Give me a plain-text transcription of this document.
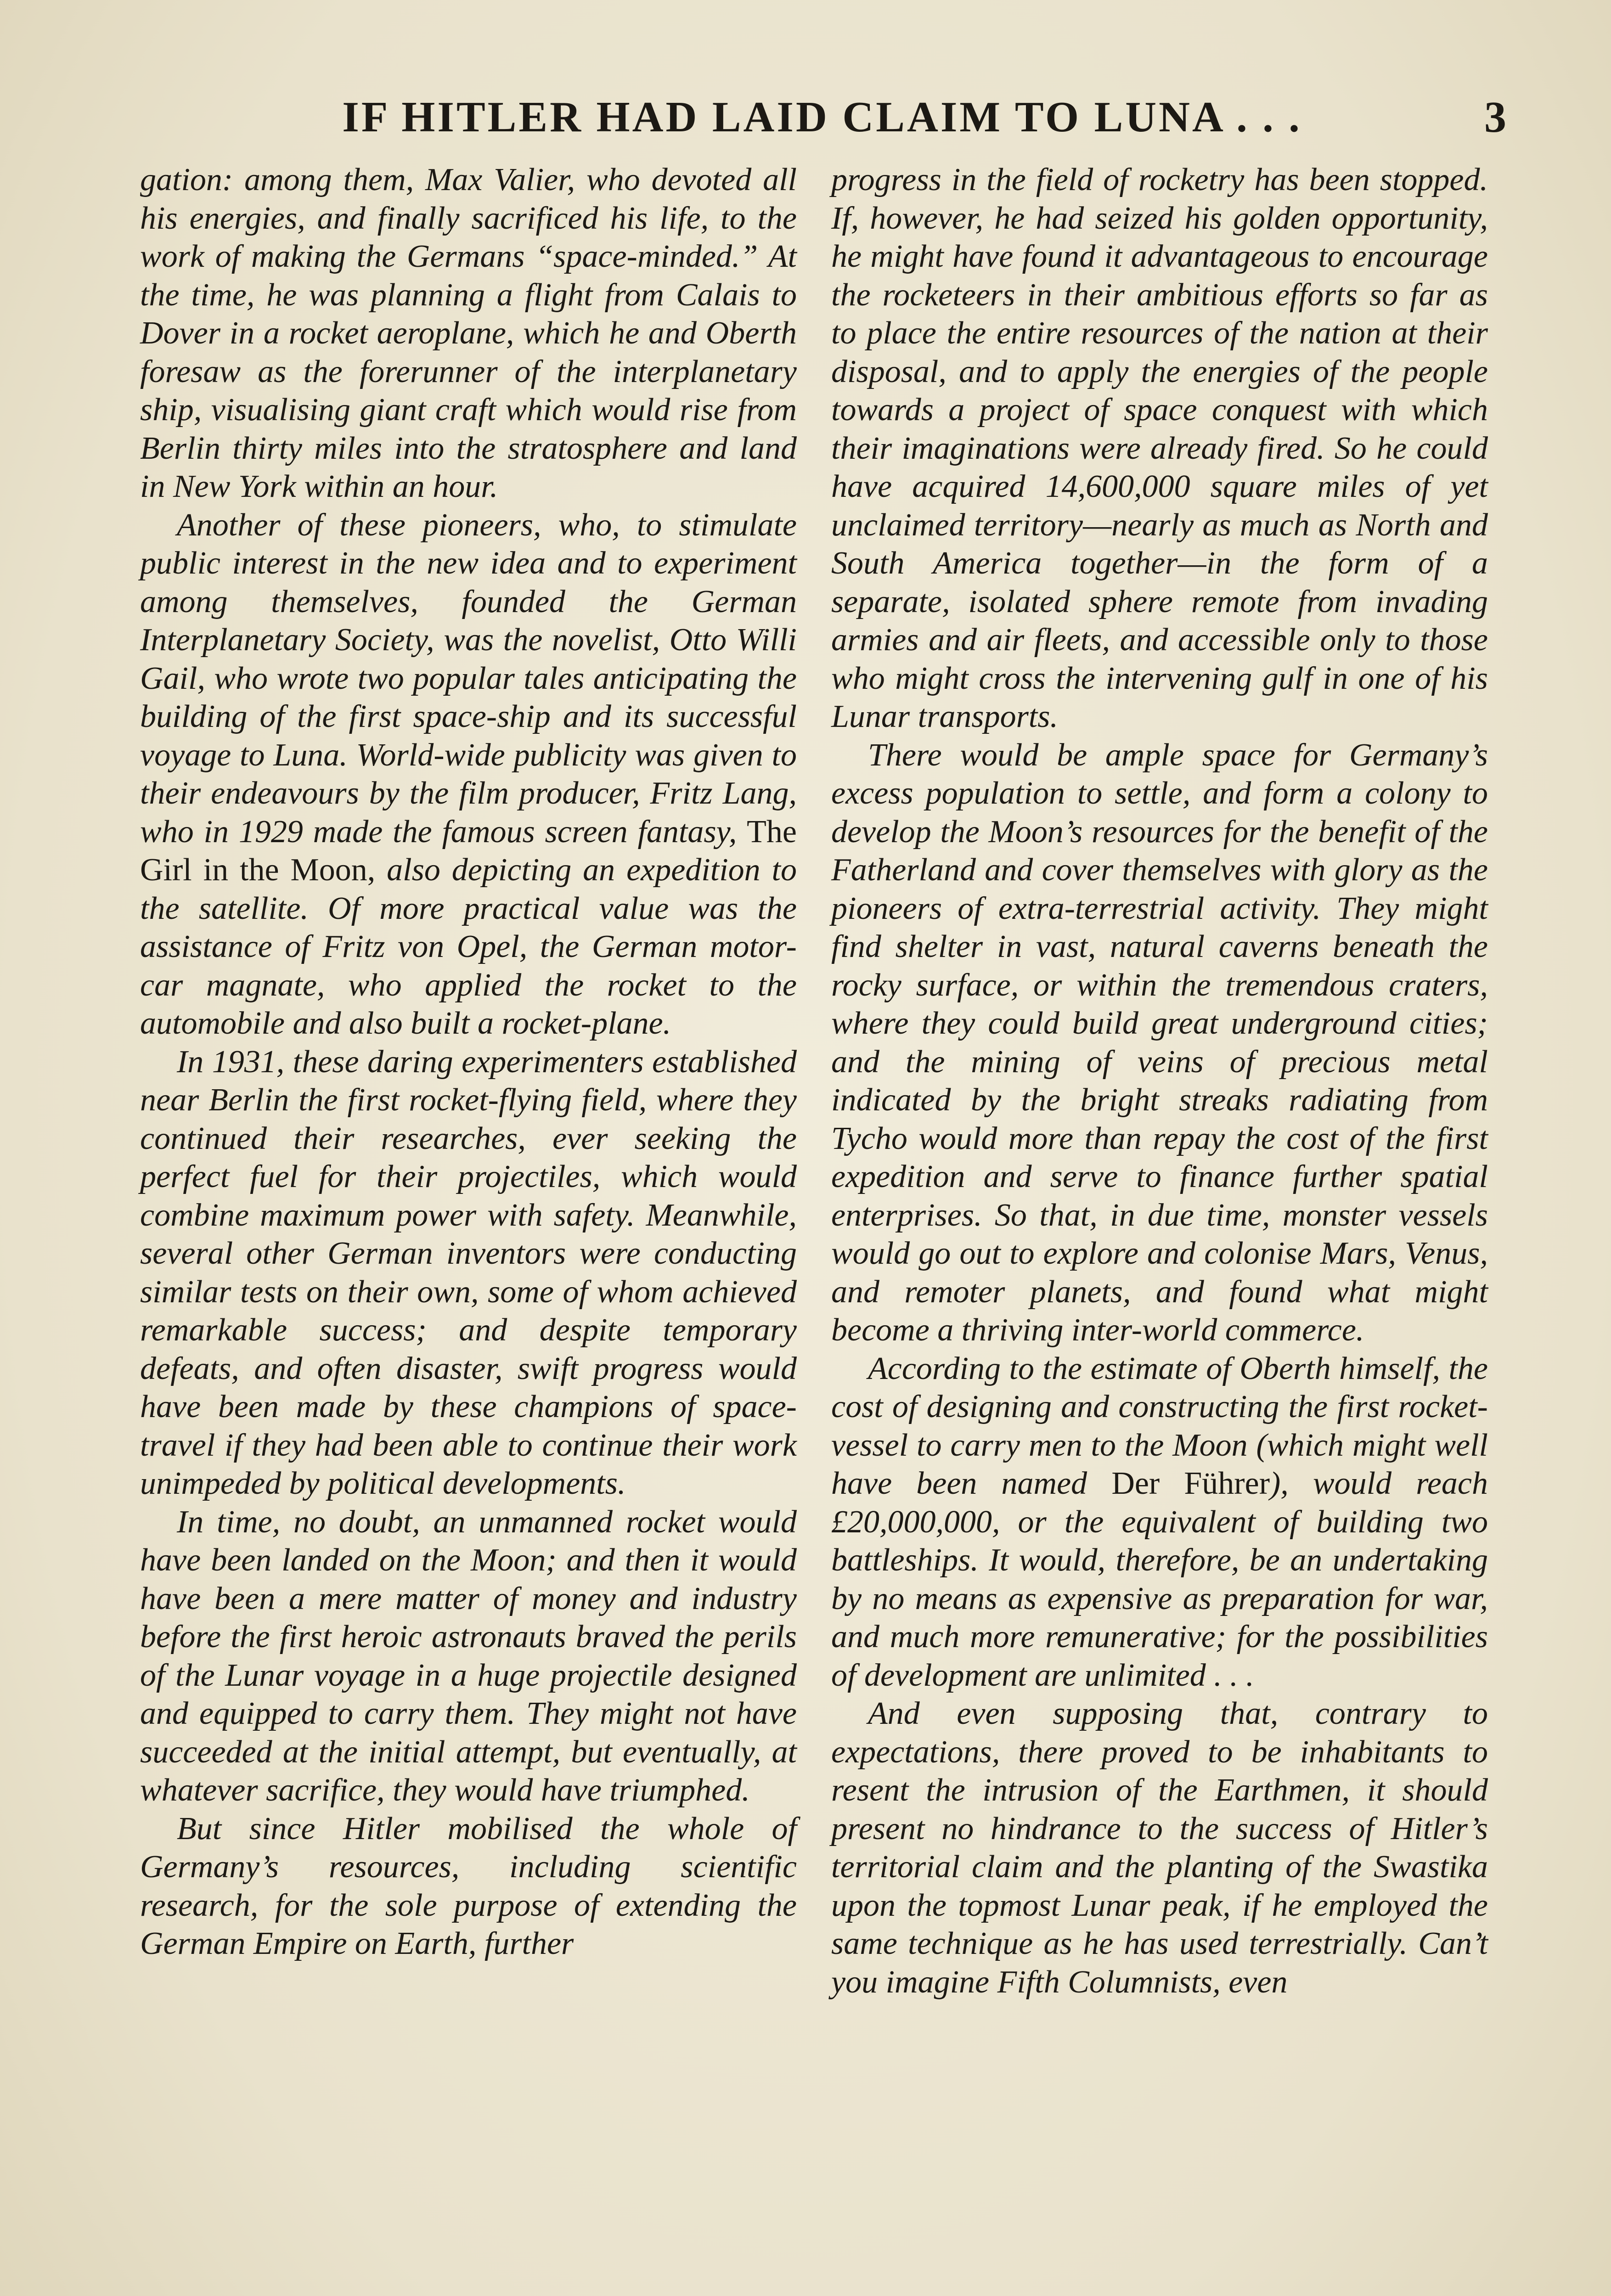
IF HITLER HAD LAID CLAIM TO LUNA . . .	3

gation: among them, Max Valier, who devoted all his energies, and finally sacrificed his life, to the work of making the Germans “space-minded.” At the time, he was planning a flight from Calais to Dover in a rocket aeroplane, which he and Oberth foresaw as the forerunner of the interplanetary ship, visualising giant craft which would rise from Berlin thirty miles into the stratosphere and land in New York within an hour.

Another of these pioneers, who, to stimulate public interest in the new idea and to experiment among themselves, founded the German Interplanetary Society, was the novelist, Otto Willi Gail, who wrote two popular tales anticipating the building of the first space-ship and its successful voyage to Luna. World-wide publicity was given to their endeavours by the film producer, Fritz Lang, who in 1929 made the famous screen fantasy, The Girl in the Moon, also depicting an expedition to the satellite. Of more practical value was the assistance of Fritz von Opel, the German motor-car magnate, who applied the rocket to the automobile and also built a rocket-plane.

In 1931, these daring experimenters established near Berlin the first rocket-flying field, where they continued their researches, ever seeking the perfect fuel for their projectiles, which would combine maximum power with safety. Meanwhile, several other German inventors were conducting similar tests on their own, some of whom achieved remarkable success; and despite temporary defeats, and often disaster, swift progress would have been made by these champions of space-travel if they had been able to continue their work unimpeded by political developments.

In time, no doubt, an unmanned rocket would have been landed on the Moon; and then it would have been a mere matter of money and industry before the first heroic astronauts braved the perils of the Lunar voyage in a huge projectile designed and equipped to carry them. They might not have succeeded at the initial attempt, but eventually, at whatever sacrifice, they would have triumphed.

But since Hitler mobilised the whole of Germany’s resources, including scientific research, for the sole purpose of extending the German Empire on Earth, further

progress in the field of rocketry has been stopped. If, however, he had seized his golden opportunity, he might have found it advantageous to encourage the rocketeers in their ambitious efforts so far as to place the entire resources of the nation at their disposal, and to apply the energies of the people towards a project of space conquest with which their imaginations were already fired. So he could have acquired 14,600,000 square miles of yet unclaimed territory—nearly as much as North and South America together—in the form of a separate, isolated sphere remote from invading armies and air fleets, and accessible only to those who might cross the intervening gulf in one of his Lunar transports.

There would be ample space for Germany’s excess population to settle, and form a colony to develop the Moon’s resources for the benefit of the Fatherland and cover themselves with glory as the pioneers of extra-terrestrial activity. They might find shelter in vast, natural caverns beneath the rocky surface, or within the tremendous craters, where they could build great underground cities; and the mining of veins of precious metal indicated by the bright streaks radiating from Tycho would more than repay the cost of the first expedition and serve to finance further spatial enterprises. So that, in due time, monster vessels would go out to explore and colonise Mars, Venus, and remoter planets, and found what might become a thriving inter-world commerce.

According to the estimate of Oberth himself, the cost of designing and constructing the first rocket-vessel to carry men to the Moon (which might well have been named Der Führer), would reach £20,000,000, or the equivalent of building two battleships. It would, therefore, be an undertaking by no means as expensive as preparation for war, and much more remunerative; for the possibilities of development are unlimited . . .

And even supposing that, contrary to expectations, there proved to be inhabitants to resent the intrusion of the Earthmen, it should present no hindrance to the success of Hitler’s territorial claim and the planting of the Swastika upon the topmost Lunar peak, if he employed the same technique as he has used terrestrially. Can’t you imagine Fifth Columnists, even
